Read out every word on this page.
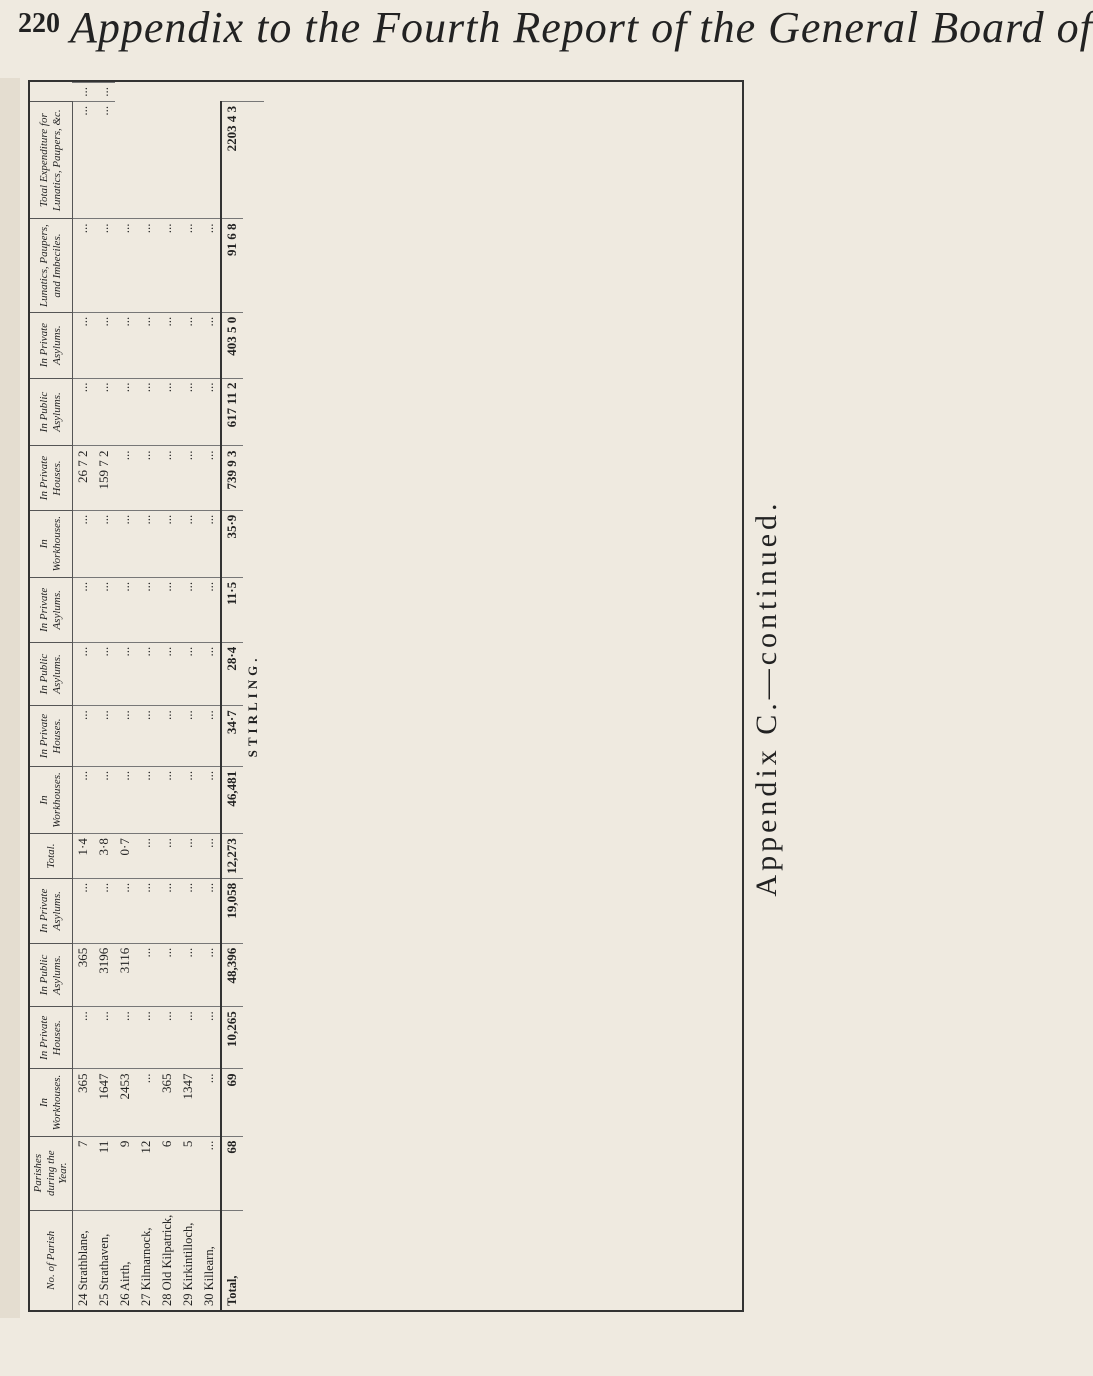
220 Appendix to the Fourth Report of the General Board of
No. of Parish	Parishes during the Year.	In Workhouses.	In Private Houses.	In Public Asylums.	In Private Asylums.	Total.	In Workhouses.	In Private Houses.	In Public Asylums.	In Private Asylums.	In Workhouses.	In Private Houses.	In Public Asylums.	In Private Asylums.	Lunatics, Paupers, and Imbeciles.	Total Expenditure for Lunatics, Paupers, &c.	
24 Strathblane,	7	365	...	365	...	1·4	...	...	...	...	...	26 7 2	...	...	...	...	...
25 Strathaven,	11	1647	...	3196	...	3·8	...	...	...	...	...	159 7 2	...	...	...	...	...
26 Airth,	9	2453	...	3116	...	0·7	...	...	...	...	...	...	...	...	...		
27 Kilmarnock,	12	...	...	...	...	...	...	...	...	...	...	...	...	...	...		
28 Old Kilpatrick,	6	365	...	...	...	...	...	...	...	...	...	...	...	...	...		
29 Kirkintilloch,	5	1347	...	...	...	...	...	...	...	...	...	...	...	...	...		
30 Killearn,	...	...	...	...	...	...	...	...	...	...	...	...	...	...	...		
Total,	68	69	10,265	48,396	19,058	12,273	46,481	34·7	28·4	11·5	35·9	739 9 3	617 11 2	403 5 0	91 6 8	2203 4 3	
STIRLING.																		Appendix C.—continued.
